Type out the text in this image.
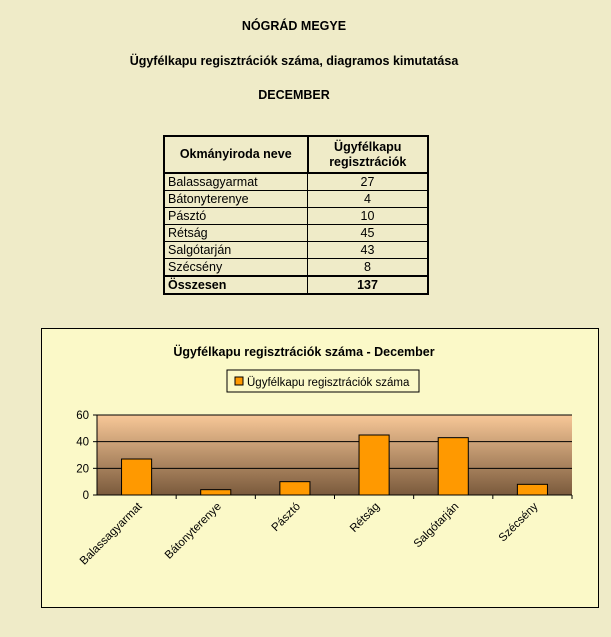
NÓGRÁD MEGYE
Ügyfélkapu regisztrációk száma, diagramos kimutatása
DECEMBER
Okmányiroda neve	Ügyfélkapu
regisztrációk
Balassagyarmat	27
Bátonyterenye	4
Pásztó	10
Rétság	45
Salgótarján	43
Szécsény	8
Összesen	137
Ügyfélkapu regisztrációk száma - December
Ügyfélkapu regisztrációk száma
0
20
40
60
Balassagyarmat Bátonyterenye	Pásztó	Rétság	Salgótarján	Szécsény
